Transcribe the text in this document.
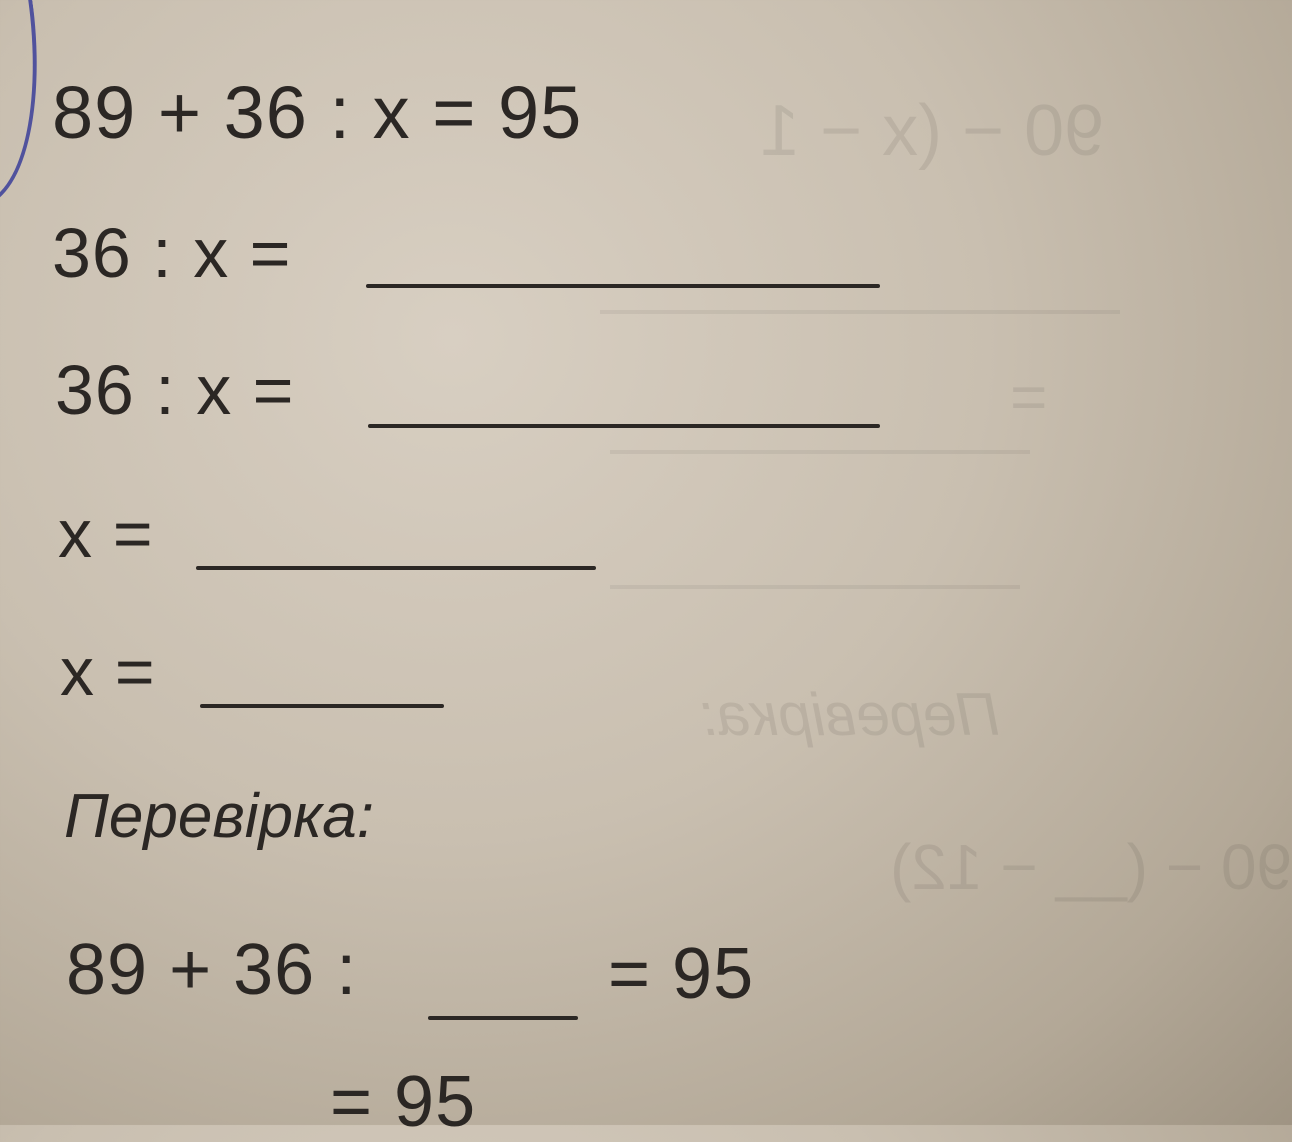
90 − (x − 1
=
Перевірка:
90 − (__ − 12)
89 + 36 : x = 95
36 : x =
36 : x =
x =
x =
Перевірка:
89 + 36 :	= 95
= 95
